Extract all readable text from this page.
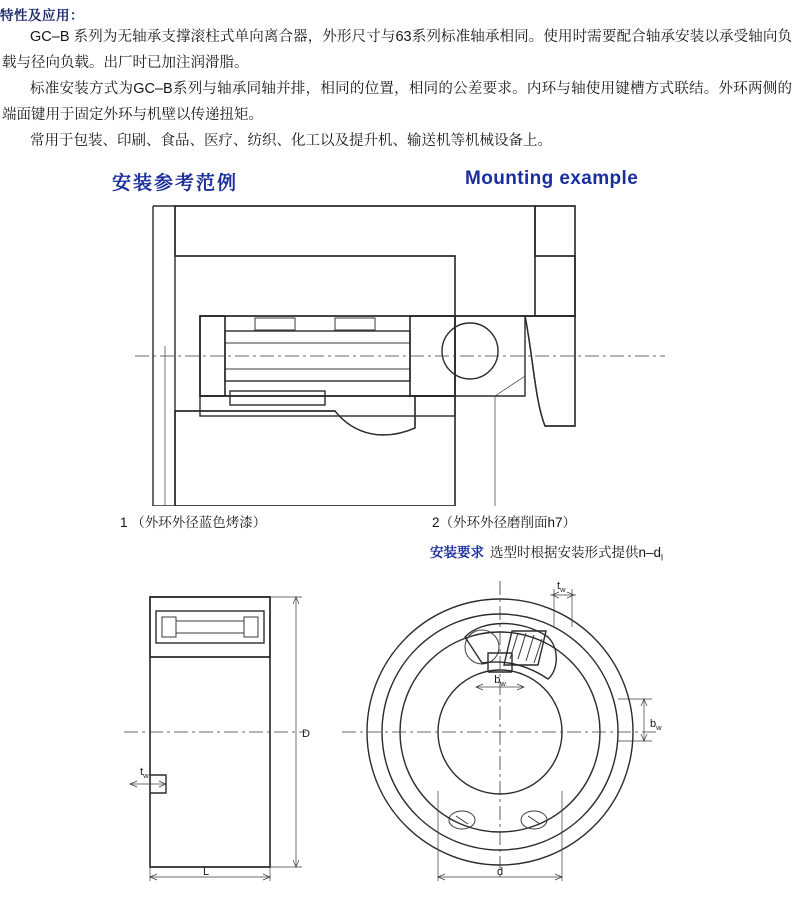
特性及应用：
GC–B 系列为无轴承支撑滚柱式单向离合器，外形尺寸与63系列标准轴承相同。使用时需要配合轴承安装以承受轴向负载与径向负载。出厂时已加注润滑脂。
标准安装方式为GC–B系列与轴承同轴并排，相同的位置，相同的公差要求。内环与轴使用键槽方式联结。外环两侧的端面键用于固定外环与机壁以传递扭矩。
常用于包装、印刷、食品、医疗、纺织、化工以及提升机、输送机等机械设备上。
安装参考范例	Mounting example
1 （外环外径蓝色烤漆）	2（外环外径磨削面h7）
安装要求 选型时根据安装形式提供$n-d_l$
D
$t_w$
L
$t_w$
$b_w$
$b_w$
d
